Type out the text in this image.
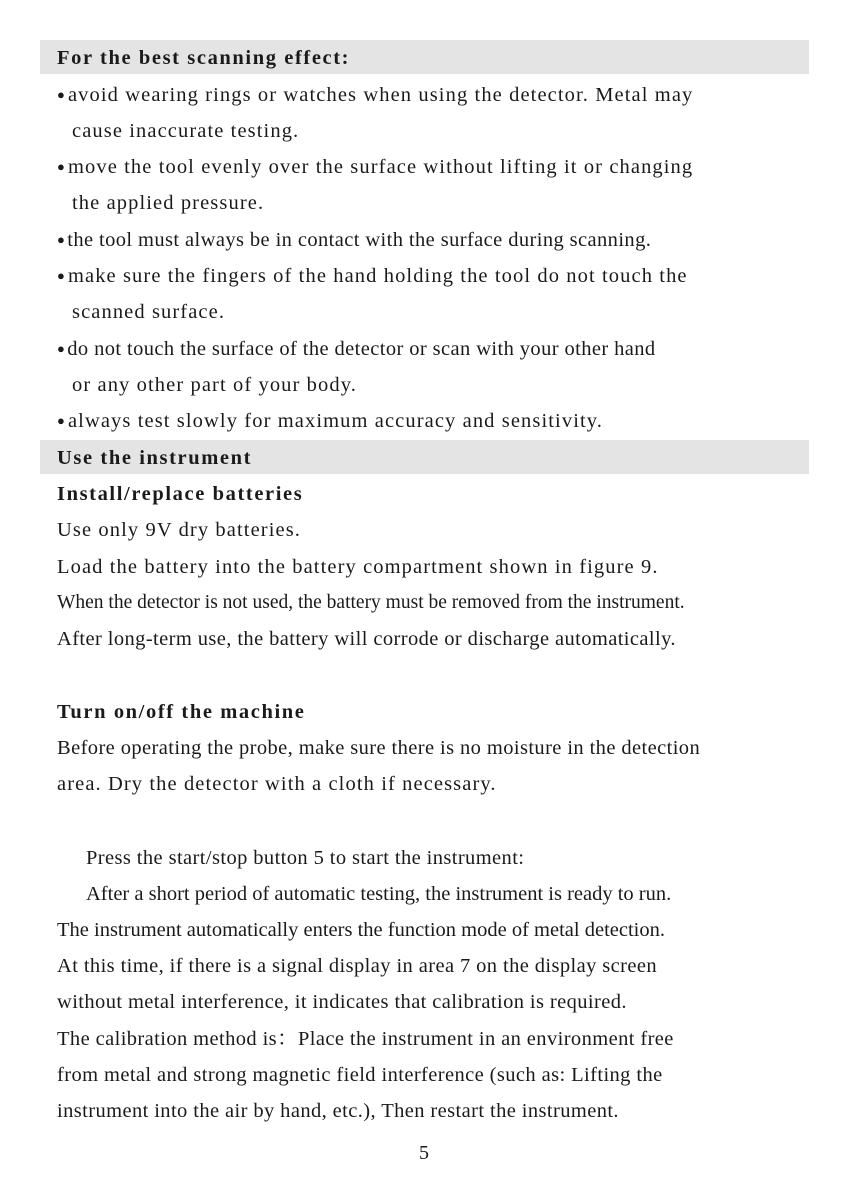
For the best scanning effect:
● avoid wearing rings or watches when using the detector. Metal may
cause inaccurate testing.
● move the tool evenly over the surface without lifting it or changing
the applied pressure.
● the tool must always be in contact with the surface during scanning.
● make sure the fingers of the hand holding the tool do not touch the
scanned surface.
● do not touch the surface of the detector or scan with your other hand
or any other part of your body.
● always test slowly for maximum accuracy and sensitivity.
Use the instrument
Install/replace batteries
Use only 9V dry batteries.
Load the battery into the battery compartment shown in figure 9.
When the detector is not used, the battery must be removed from the instrument.
After long-term use, the battery will corrode or discharge automatically.
Turn on/off the machine
Before operating the probe, make sure there is no moisture in the detection
area. Dry the detector with a cloth if necessary.
Press the start/stop button 5 to start the instrument:
After a short period of automatic testing, the instrument is ready to run.
The instrument automatically enters the function mode of metal detection.
At this time, if there is a signal display in area 7 on the display screen
without metal interference, it indicates that calibration is required.
The calibration method is：Place the instrument in an environment free
from metal and strong magnetic field interference (such as: Lifting the
instrument into the air by hand, etc.), Then restart the instrument.
5
